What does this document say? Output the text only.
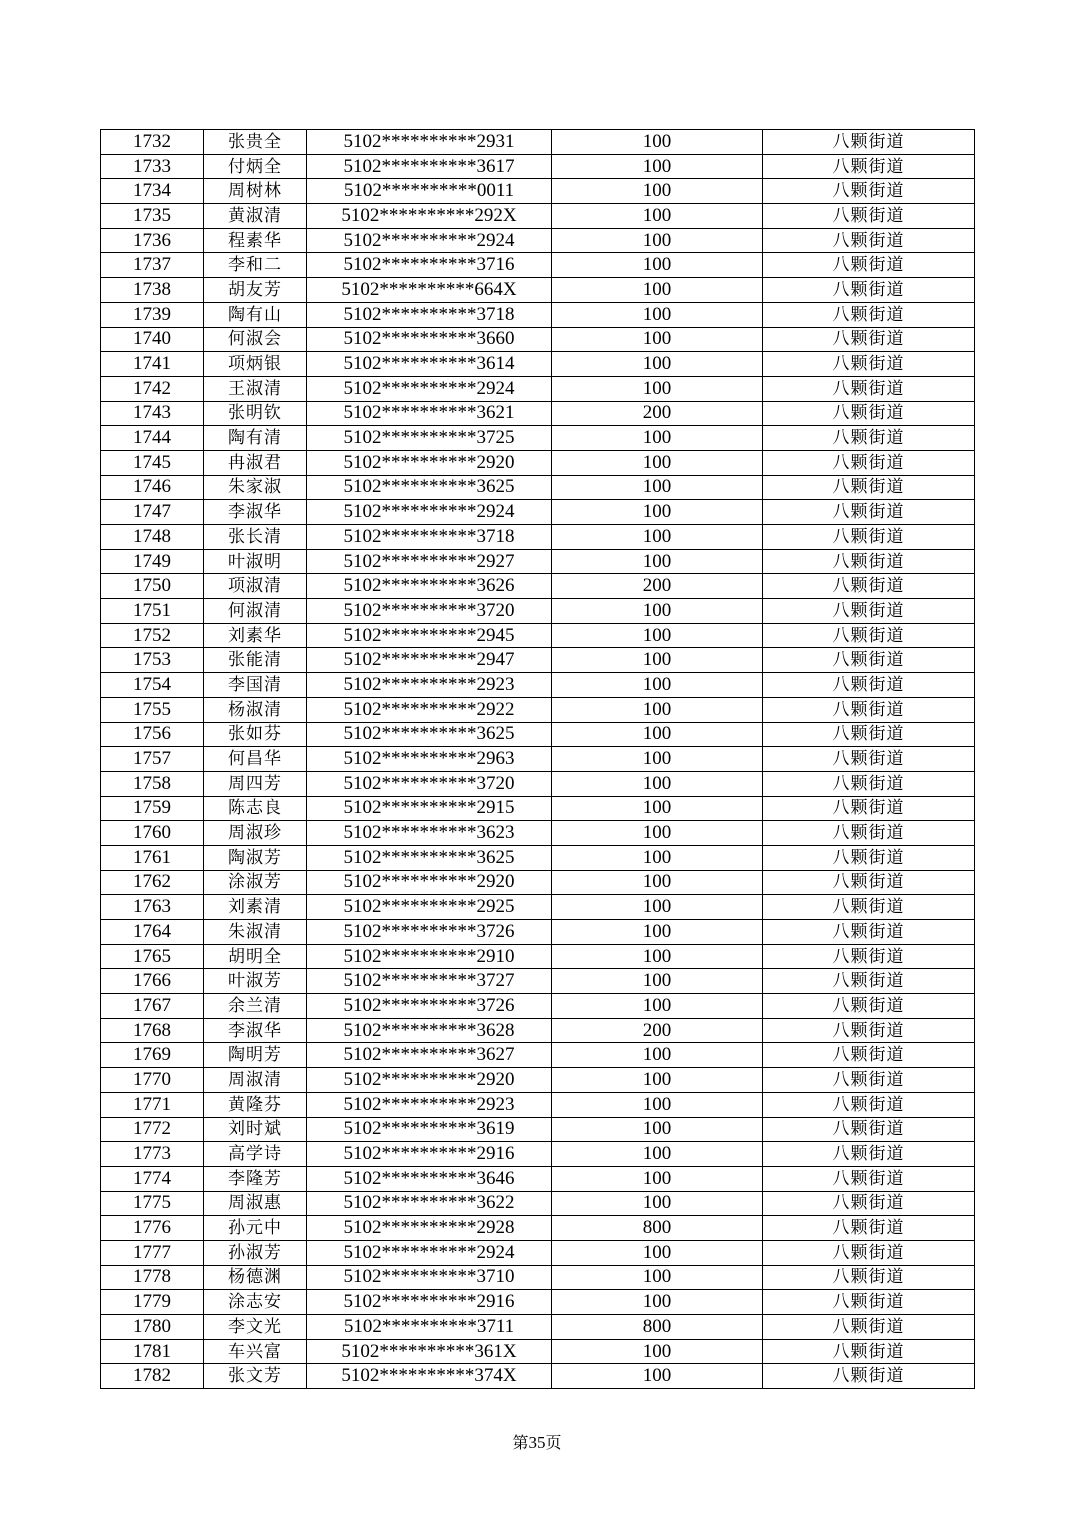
1732	张贵全	5102**********2931	100	八颗街道
1733	付炳全	5102**********3617	100	八颗街道
1734	周树林	5102**********0011	100	八颗街道
1735	黄淑清	5102**********292X	100	八颗街道
1736	程素华	5102**********2924	100	八颗街道
1737	李和二	5102**********3716	100	八颗街道
1738	胡友芳	5102**********664X	100	八颗街道
1739	陶有山	5102**********3718	100	八颗街道
1740	何淑会	5102**********3660	100	八颗街道
1741	项炳银	5102**********3614	100	八颗街道
1742	王淑清	5102**********2924	100	八颗街道
1743	张明钦	5102**********3621	200	八颗街道
1744	陶有清	5102**********3725	100	八颗街道
1745	冉淑君	5102**********2920	100	八颗街道
1746	朱家淑	5102**********3625	100	八颗街道
1747	李淑华	5102**********2924	100	八颗街道
1748	张长清	5102**********3718	100	八颗街道
1749	叶淑明	5102**********2927	100	八颗街道
1750	项淑清	5102**********3626	200	八颗街道
1751	何淑清	5102**********3720	100	八颗街道
1752	刘素华	5102**********2945	100	八颗街道
1753	张能清	5102**********2947	100	八颗街道
1754	李国清	5102**********2923	100	八颗街道
1755	杨淑清	5102**********2922	100	八颗街道
1756	张如芬	5102**********3625	100	八颗街道
1757	何昌华	5102**********2963	100	八颗街道
1758	周四芳	5102**********3720	100	八颗街道
1759	陈志良	5102**********2915	100	八颗街道
1760	周淑珍	5102**********3623	100	八颗街道
1761	陶淑芳	5102**********3625	100	八颗街道
1762	涂淑芳	5102**********2920	100	八颗街道
1763	刘素清	5102**********2925	100	八颗街道
1764	朱淑清	5102**********3726	100	八颗街道
1765	胡明全	5102**********2910	100	八颗街道
1766	叶淑芳	5102**********3727	100	八颗街道
1767	余兰清	5102**********3726	100	八颗街道
1768	李淑华	5102**********3628	200	八颗街道
1769	陶明芳	5102**********3627	100	八颗街道
1770	周淑清	5102**********2920	100	八颗街道
1771	黄隆芬	5102**********2923	100	八颗街道
1772	刘时斌	5102**********3619	100	八颗街道
1773	高学诗	5102**********2916	100	八颗街道
1774	李隆芳	5102**********3646	100	八颗街道
1775	周淑惠	5102**********3622	100	八颗街道
1776	孙元中	5102**********2928	800	八颗街道
1777	孙淑芳	5102**********2924	100	八颗街道
1778	杨德渊	5102**********3710	100	八颗街道
1779	涂志安	5102**********2916	100	八颗街道
1780	李文光	5102**********3711	800	八颗街道
1781	车兴富	5102**********361X	100	八颗街道
1782	张文芳	5102**********374X	100	八颗街道
第35页
